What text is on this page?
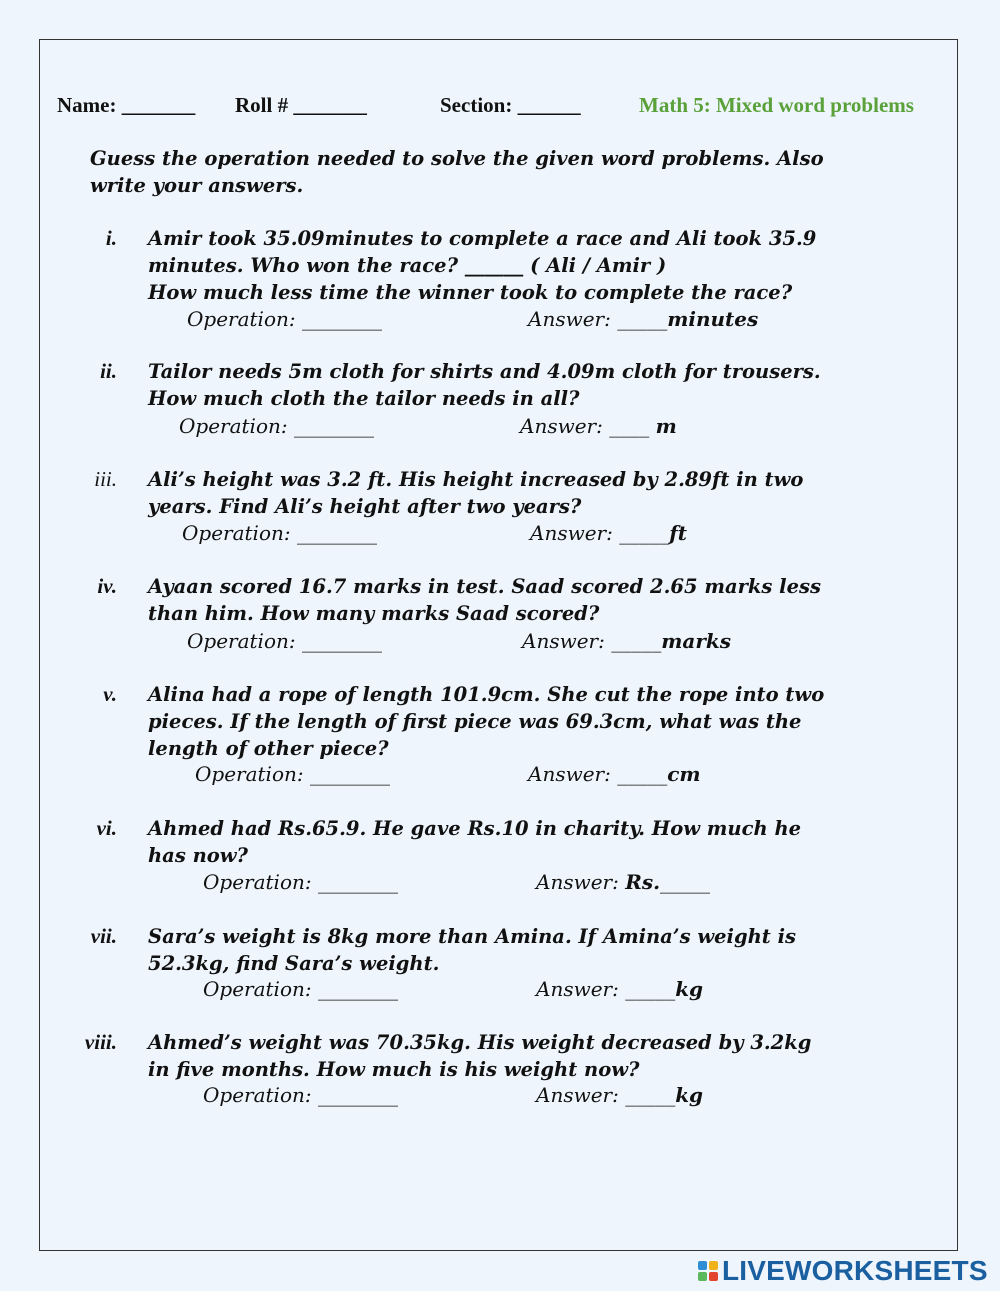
Name: _______ Roll # _______	Section: ______	Math 5: Mixed word problems
Guess the operation needed to solve the given word problems. Also
write your answers.
i. Amir took 35.09minutes to complete a race and Ali took 35.9
minutes. Who won the race? ______ ( Ali / Amir )
How much less time the winner took to complete the race?
Operation: ________	Answer: _____minutes
ii. Tailor needs 5m cloth for shirts and 4.09m cloth for trousers.
How much cloth the tailor needs in all?
Operation: ________	Answer: ____ m
iii. Ali’s height was 3.2 ft. His height increased by 2.89ft in two
years. Find Ali’s height after two years?
Operation: ________	Answer: _____ft
iv. Ayaan scored 16.7 marks in test. Saad scored 2.65 marks less
than him. How many marks Saad scored?
Operation: ________	Answer: _____marks
v. Alina had a rope of length 101.9cm. She cut the rope into two
pieces. If the length of first piece was 69.3cm, what was the
length of other piece?
Operation: ________	Answer: _____cm
vi. Ahmed had Rs.65.9. He gave Rs.10 in charity. How much he
has now?
Operation: ________	Answer: Rs._____
vii. Sara’s weight is 8kg more than Amina. If Amina’s weight is
52.3kg, find Sara’s weight.
Operation: ________	Answer: _____kg
viii. Ahmed’s weight was 70.35kg. His weight decreased by 3.2kg
in five months. How much is his weight now?
Operation: ________	Answer: _____kg
LIVEWORKSHEETS
